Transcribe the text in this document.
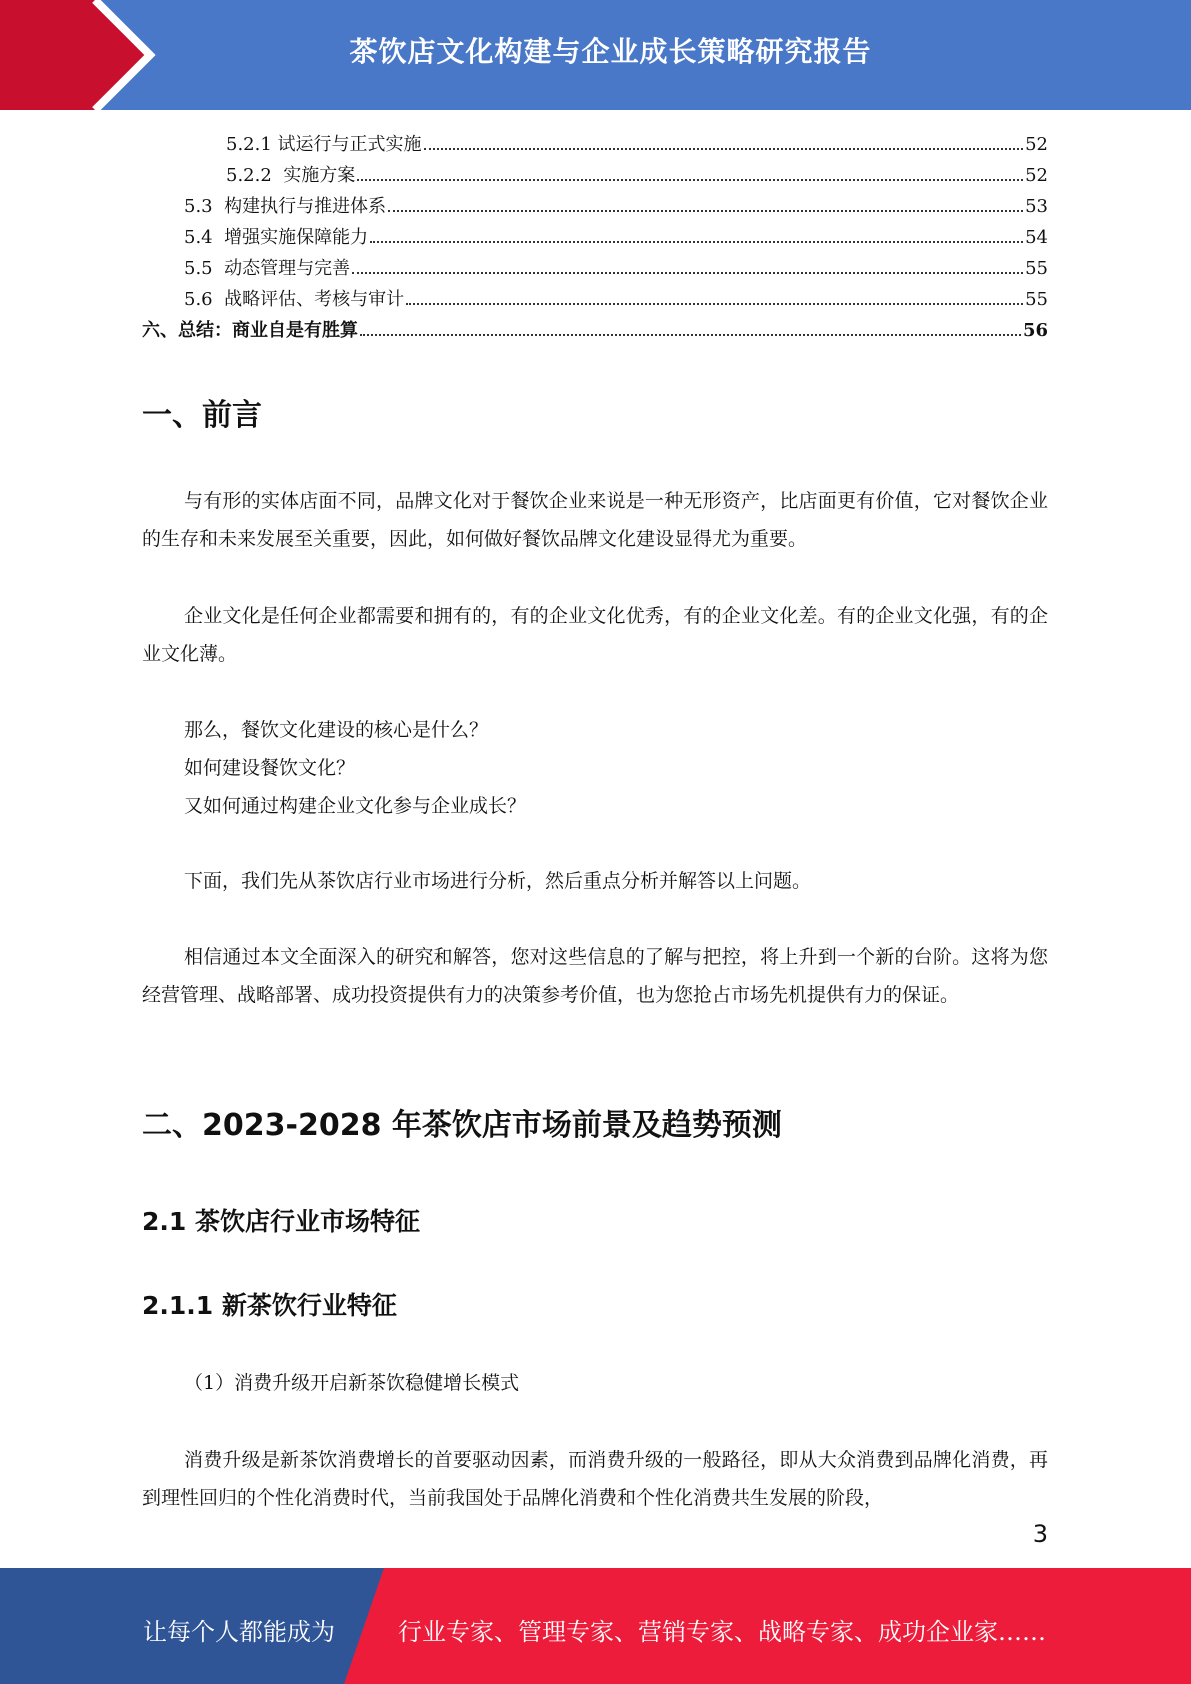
茶饮店文化构建与企业成长策略研究报告
5.2.1 试运行与正式实施	52
5.2.2  实施方案	52
5.3  构建执行与推进体系	53
5.4  增强实施保障能力	54
5.5  动态管理与完善	55
5.6  战略评估、考核与审计	55
六、总结：商业自是有胜算	56
一、前言

与有形的实体店面不同，品牌文化对于餐饮企业来说是一种无形资产，比店面更有价值，它对餐饮企业的生存和未来发展至关重要，因此，如何做好餐饮品牌文化建设显得尤为重要。

企业文化是任何企业都需要和拥有的，有的企业文化优秀，有的企业文化差。有的企业文化强，有的企业文化薄。

那么，餐饮文化建设的核心是什么？

如何建设餐饮文化？

又如何通过构建企业文化参与企业成长？

下面，我们先从茶饮店行业市场进行分析，然后重点分析并解答以上问题。

相信通过本文全面深入的研究和解答，您对这些信息的了解与把控，将上升到一个新的台阶。这将为您经营管理、战略部署、成功投资提供有力的决策参考价值，也为您抢占市场先机提供有力的保证。

二、2023-2028 年茶饮店市场前景及趋势预测
2.1 茶饮店行业市场特征
2.1.1 新茶饮行业特征

（1）消费升级开启新茶饮稳健增长模式

消费升级是新茶饮消费增长的首要驱动因素，而消费升级的一般路径，即从大众消费到品牌化消费，再到理性回归的个性化消费时代，当前我国处于品牌化消费和个性化消费共生发展的阶段，

3
让每个人都能成为	行业专家、管理专家、营销专家、战略专家、成功企业家……
